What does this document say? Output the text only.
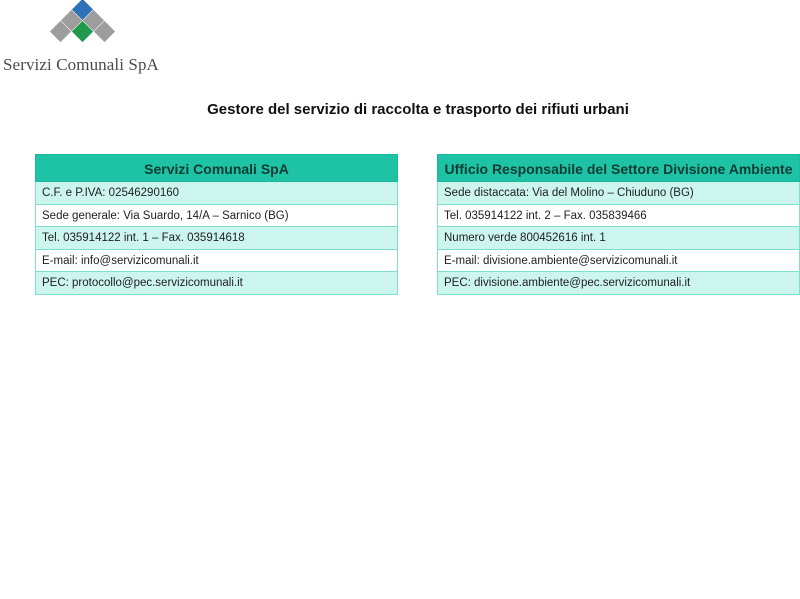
Servizi Comunali SpA
Gestore del servizio di raccolta e trasporto dei rifiuti urbani
Servizi Comunali SpA
C.F. e P.IVA: 02546290160
Sede generale: Via Suardo, 14/A – Sarnico (BG)
Tel. 035914122 int. 1 – Fax. 035914618
E-mail: info@servizicomunali.it
PEC: protocollo@pec.servizicomunali.it
Ufficio Responsabile del Settore Divisione Ambiente
Sede distaccata: Via del Molino – Chiuduno (BG)
Tel. 035914122 int. 2 – Fax. 035839466
Numero verde 800452616 int. 1
E-mail: divisione.ambiente@servizicomunali.it
PEC: divisione.ambiente@pec.servizicomunali.it
